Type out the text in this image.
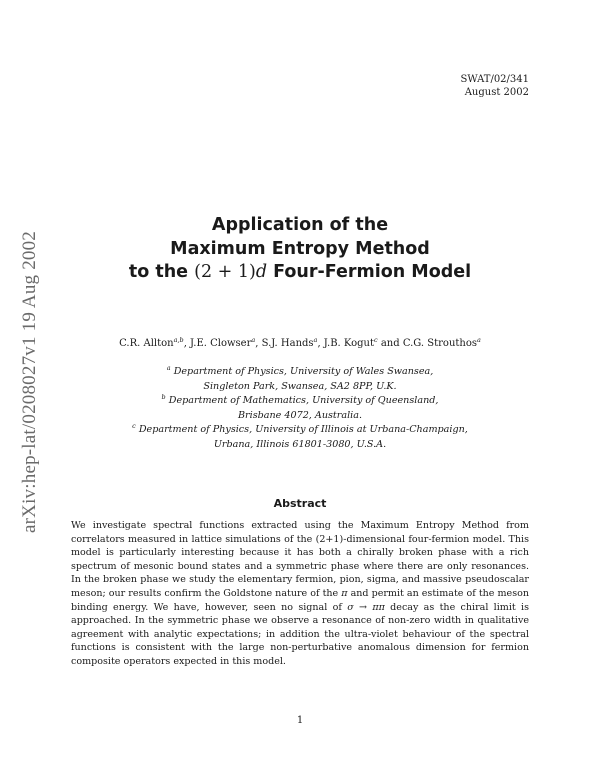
SWAT/02/341
August 2002
arXiv:hep-lat/0208027v1 19 Aug 2002
Application of the
Maximum Entropy Method
to the (2 + 1)d Four-Fermion Model
C.R. Allton$^{a,b}$, J.E. Clowser$^a$, S.J. Hands$^a$, J.B. Kogut$^c$ and C.G. Strouthos$^a$
$^a$ Department of Physics, University of Wales Swansea,
Singleton Park, Swansea, SA2 8PP, U.K.
$^b$ Department of Mathematics, University of Queensland,
Brisbane 4072, Australia.
$^c$ Department of Physics, University of Illinois at Urbana-Champaign,
Urbana, Illinois 61801-3080, U.S.A.
Abstract
We investigate spectral functions extracted using the Maximum Entropy Method from correlators measured in lattice simulations of the (2+1)-dimensional four-fermion model. This model is particularly interesting because it has both a chirally broken phase with a rich spectrum of mesonic bound states and a symmetric phase where there are only resonances. In the broken phase we study the elementary fermion, pion, sigma, and massive pseudoscalar meson; our results confirm the Goldstone nature of the π and permit an estimate of the meson binding energy. We have, however, seen no signal of σ → ππ decay as the chiral limit is approached. In the symmetric phase we observe a resonance of non-zero width in qualitative agreement with analytic expectations; in addition the ultra-violet behaviour of the spectral functions is consistent with the large non-perturbative anomalous dimension for fermion composite operators expected in this model.
1
